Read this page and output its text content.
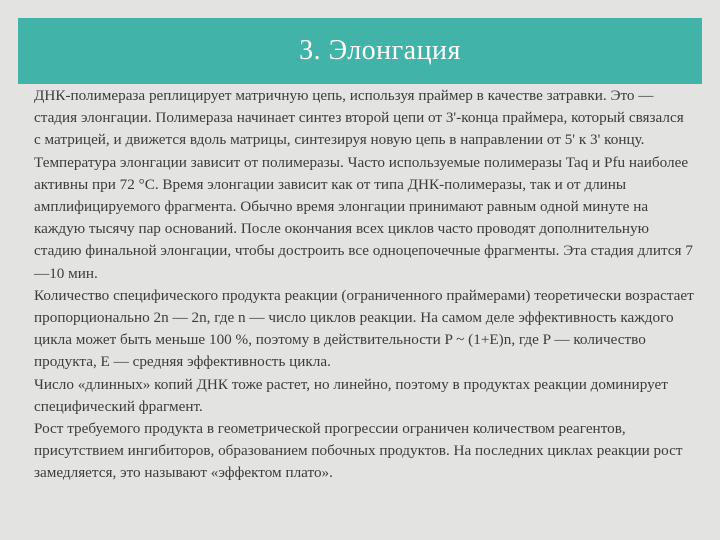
3. Элонгация

ДНК-полимераза реплицирует матричную цепь, используя праймер в качестве затравки. Это — стадия элонгации. Полимераза начинает синтез второй цепи от 3'-конца праймера, который связался с матрицей, и движется вдоль матрицы, синтезируя новую цепь в направлении от 5' к 3' концу. Температура элонгации зависит от полимеразы. Часто используемые полимеразы Taq и Pfu наиболее активны при 72 °C. Время элонгации зависит как от типа ДНК-полимеразы, так и от длины амплифицируемого фрагмента. Обычно время элонгации принимают равным одной минуте на каждую тысячу пар оснований. После окончания всех циклов часто проводят дополнительную стадию финальной элонгации, чтобы достроить все одноцепочечные фрагменты. Эта стадия длится 7—10 мин.

Количество специфического продукта реакции (ограниченного праймерами) теоретически возрастает пропорционально 2n — 2n, где n — число циклов реакции. На самом деле эффективность каждого цикла может быть меньше 100 %, поэтому в действительности P ~ (1+E)n, где P — количество продукта, E — средняя эффективность цикла.

Число «длинных» копий ДНК тоже растет, но линейно, поэтому в продуктах реакции доминирует специфический фрагмент.

Рост требуемого продукта в геометрической прогрессии ограничен количеством реагентов, присутствием ингибиторов, образованием побочных продуктов. На последних циклах реакции рост замедляется, это называют «эффектом плато».
